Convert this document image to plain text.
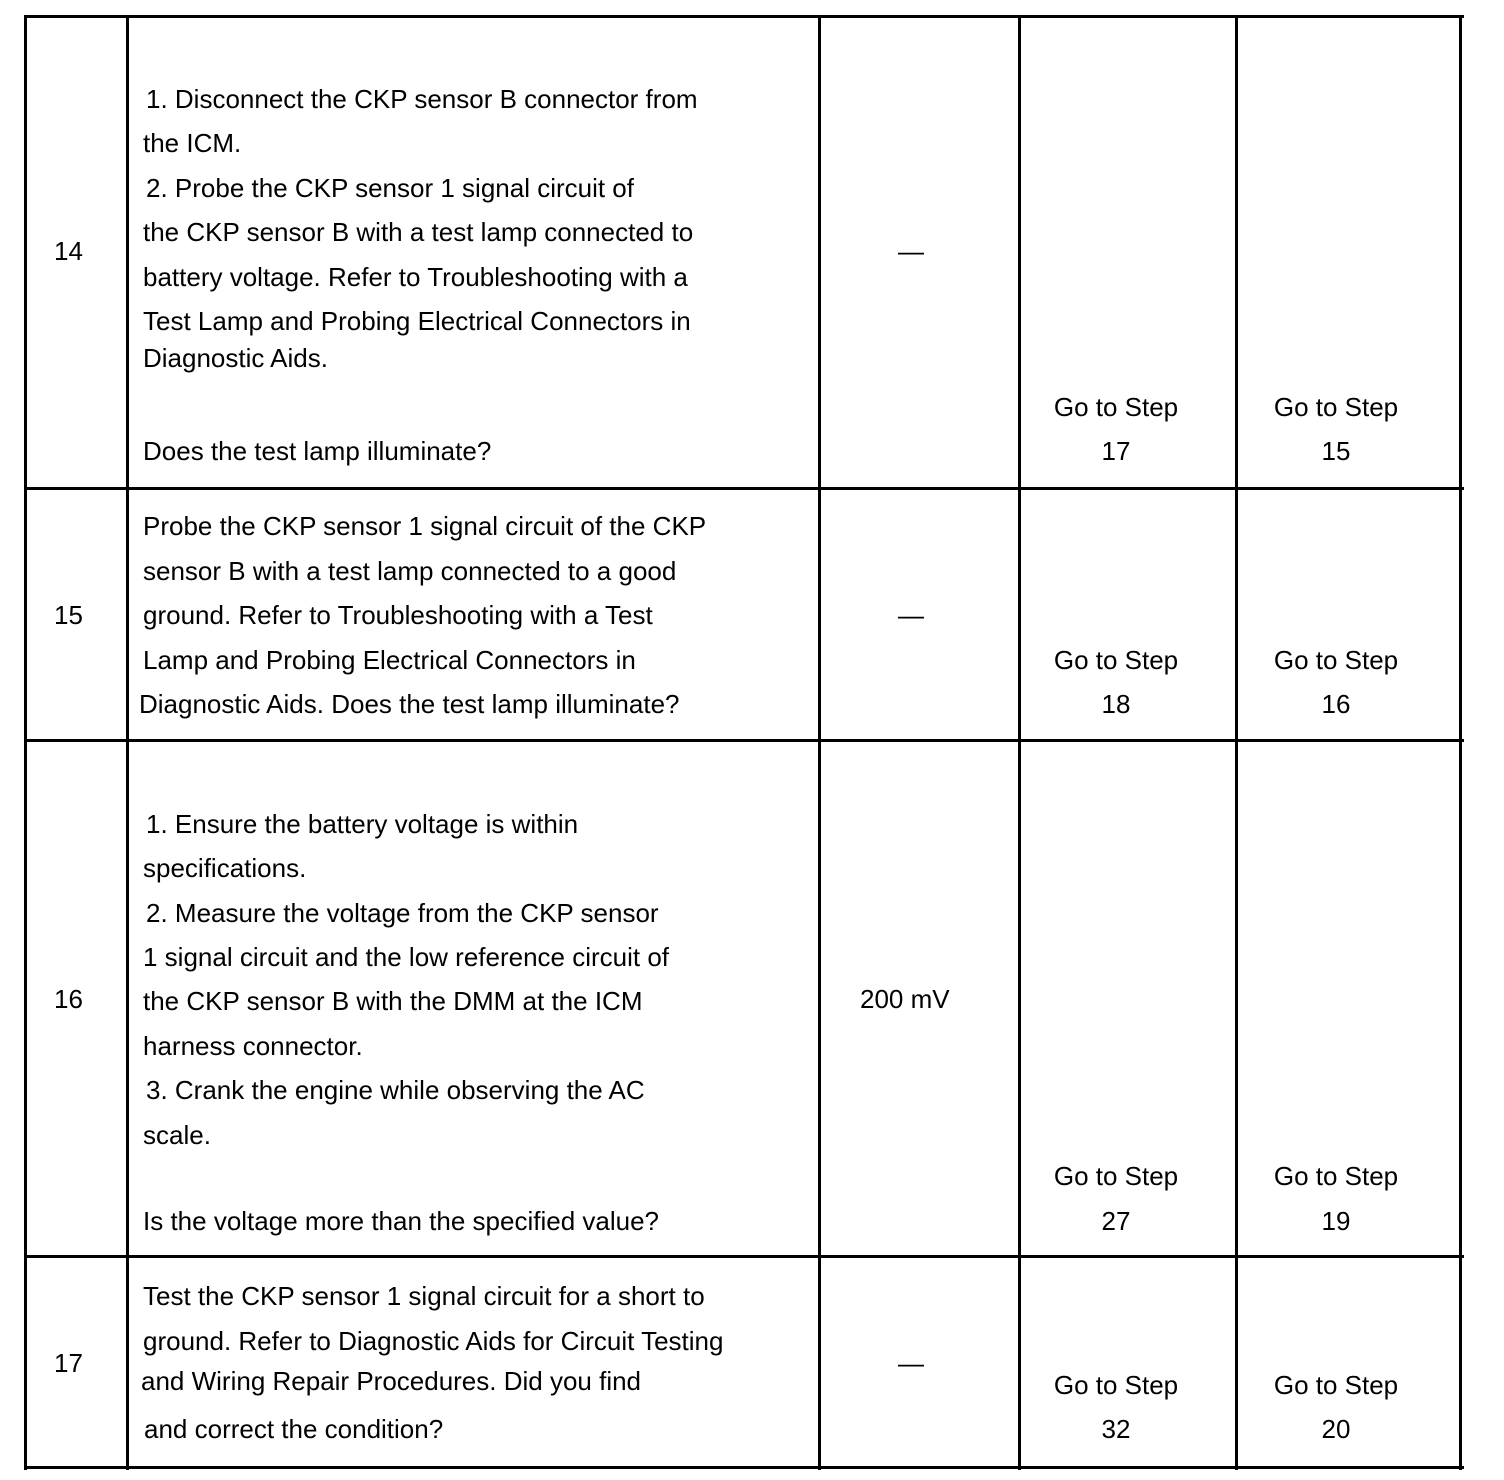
14
1. Disconnect the CKP sensor B connector from
the ICM.
2. Probe the CKP sensor 1 signal circuit of
the CKP sensor B with a test lamp connected to
battery voltage. Refer to Troubleshooting with a
Test Lamp and Probing Electrical Connectors in
Diagnostic Aids.
Does the test lamp illuminate?
—
Go to Step
17
Go to Step
15
15
Probe the CKP sensor 1 signal circuit of the CKP
sensor B with a test lamp connected to a good
ground. Refer to Troubleshooting with a Test
Lamp and Probing Electrical Connectors in
Diagnostic Aids. Does the test lamp illuminate?
—
Go to Step
18
Go to Step
16
16
1. Ensure the battery voltage is within
specifications.
2. Measure the voltage from the CKP sensor
1 signal circuit and the low reference circuit of
the CKP sensor B with the DMM at the ICM
harness connector.
3. Crank the engine while observing the AC
scale.
Is the voltage more than the specified value?
200 mV
Go to Step
27
Go to Step
19
17
Test the CKP sensor 1 signal circuit for a short to
ground. Refer to Diagnostic Aids for Circuit Testing
and Wiring Repair Procedures. Did you find
and correct the condition?
—
Go to Step
32
Go to Step
20
